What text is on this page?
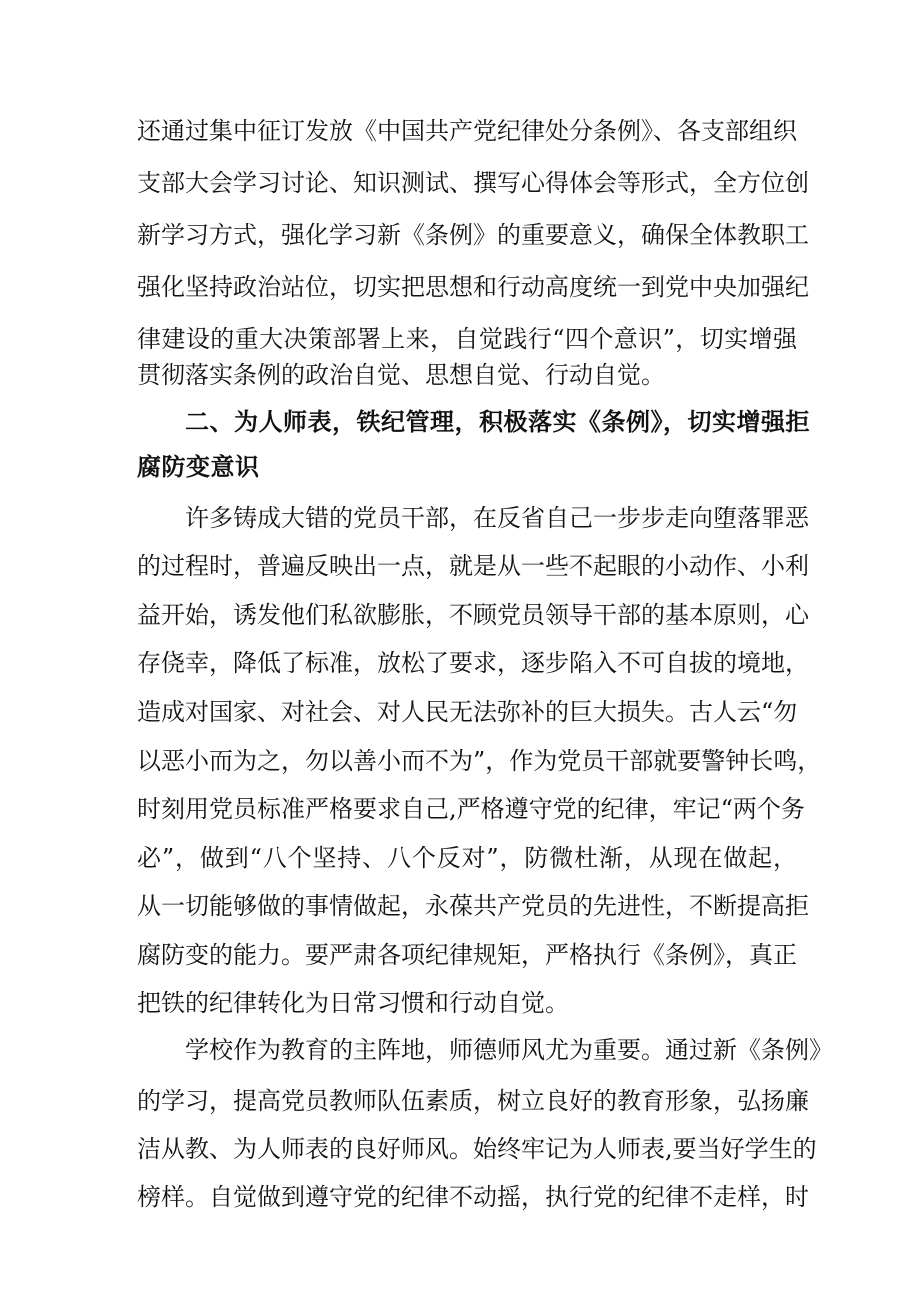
还通过集中征订发放《中国共产党纪律处分条例》、各支部组织
支部大会学习讨论、知识测试、撰写心得体会等形式，全方位创
新学习方式，强化学习新《条例》的重要意义，确保全体教职工
强化坚持政治站位，切实把思想和行动高度统一到党中央加强纪
律建设的重大决策部署上来，自觉践行“四个意识”，切实增强
贯彻落实条例的政治自觉、思想自觉、行动自觉。
二、为人师表，铁纪管理，积极落实《条例》，切实增强拒
腐防变意识
许多铸成大错的党员干部，在反省自己一步步走向堕落罪恶
的过程时，普遍反映出一点，就是从一些不起眼的小动作、小利
益开始，诱发他们私欲膨胀，不顾党员领导干部的基本原则，心
存侥幸，降低了标准，放松了要求，逐步陷入不可自拔的境地，
造成对国家、对社会、对人民无法弥补的巨大损失。古人云“勿
以恶小而为之，勿以善小而不为”，作为党员干部就要警钟长鸣，
时刻用党员标准严格要求自己,严格遵守党的纪律，牢记“两个务
必”，做到“八个坚持、八个反对”，防微杜渐，从现在做起，
从一切能够做的事情做起，永葆共产党员的先进性，不断提高拒
腐防变的能力。要严肃各项纪律规矩，严格执行《条例》，真正
把铁的纪律转化为日常习惯和行动自觉。
学校作为教育的主阵地，师德师风尤为重要。通过新《条例》
的学习，提高党员教师队伍素质，树立良好的教育形象，弘扬廉
洁从教、为人师表的良好师风。始终牢记为人师表,要当好学生的
榜样。自觉做到遵守党的纪律不动摇，执行党的纪律不走样，时
